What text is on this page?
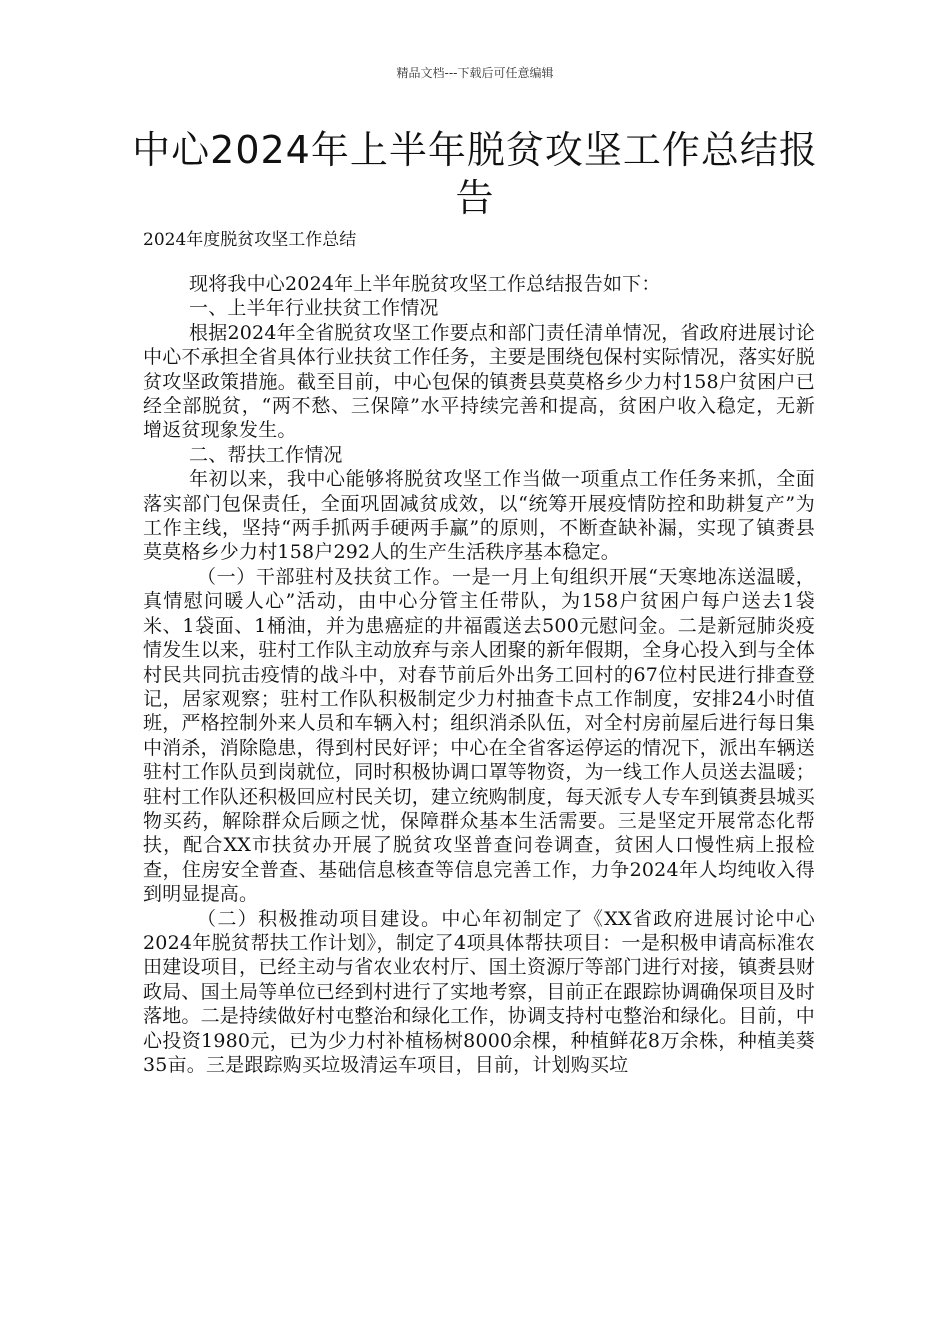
精品文档---下载后可任意编辑
中心2024年上半年脱贫攻坚工作总结报告
2024年度脱贫攻坚工作总结

现将我中心2024年上半年脱贫攻坚工作总结报告如下：

一、上半年行业扶贫工作情况

根据2024年全省脱贫攻坚工作要点和部门责任清单情况，省政府进展讨论中心不承担全省具体行业扶贫工作任务，主要是围绕包保村实际情况，落实好脱贫攻坚政策措施。截至目前，中心包保的镇赉县莫莫格乡少力村158户贫困户已经全部脱贫，“两不愁、三保障”水平持续完善和提高，贫困户收入稳定，无新增返贫现象发生。

二、帮扶工作情况

年初以来，我中心能够将脱贫攻坚工作当做一项重点工作任务来抓，全面落实部门包保责任，全面巩固减贫成效，以“统筹开展疫情防控和助耕复产”为工作主线，坚持“两手抓两手硬两手赢”的原则，不断查缺补漏，实现了镇赉县莫莫格乡少力村158户292人的生产生活秩序基本稳定。

（一）干部驻村及扶贫工作。一是一月上旬组织开展“天寒地冻送温暖，真情慰问暖人心”活动，由中心分管主任带队，为158户贫困户每户送去1袋米、1袋面、1桶油，并为患癌症的井福霞送去500元慰问金。二是新冠肺炎疫情发生以来，驻村工作队主动放弃与亲人团聚的新年假期，全身心投入到与全体村民共同抗击疫情的战斗中，对春节前后外出务工回村的67位村民进行排查登记，居家观察；驻村工作队积极制定少力村抽查卡点工作制度，安排24小时值班，严格控制外来人员和车辆入村；组织消杀队伍，对全村房前屋后进行每日集中消杀，消除隐患，得到村民好评；中心在全省客运停运的情况下，派出车辆送驻村工作队员到岗就位，同时积极协调口罩等物资，为一线工作人员送去温暖；驻村工作队还积极回应村民关切，建立统购制度，每天派专人专车到镇赉县城买物买药，解除群众后顾之忧，保障群众基本生活需要。三是坚定开展常态化帮扶，配合XX市扶贫办开展了脱贫攻坚普查问卷调查，贫困人口慢性病上报检查，住房安全普查、基础信息核查等信息完善工作，力争2024年人均纯收入得到明显提高。

（二）积极推动项目建设。中心年初制定了《XX省政府进展讨论中心2024年脱贫帮扶工作计划》，制定了4项具体帮扶项目：一是积极申请高标准农田建设项目，已经主动与省农业农村厅、国土资源厅等部门进行对接，镇赉县财政局、国土局等单位已经到村进行了实地考察，目前正在跟踪协调确保项目及时落地。二是持续做好村屯整治和绿化工作，协调支持村屯整治和绿化。目前，中心投资1980元，已为少力村补植杨树8000余棵，种植鲜花8万余株，种植美葵35亩。三是跟踪购买垃圾清运车项目，目前，计划购买垃
